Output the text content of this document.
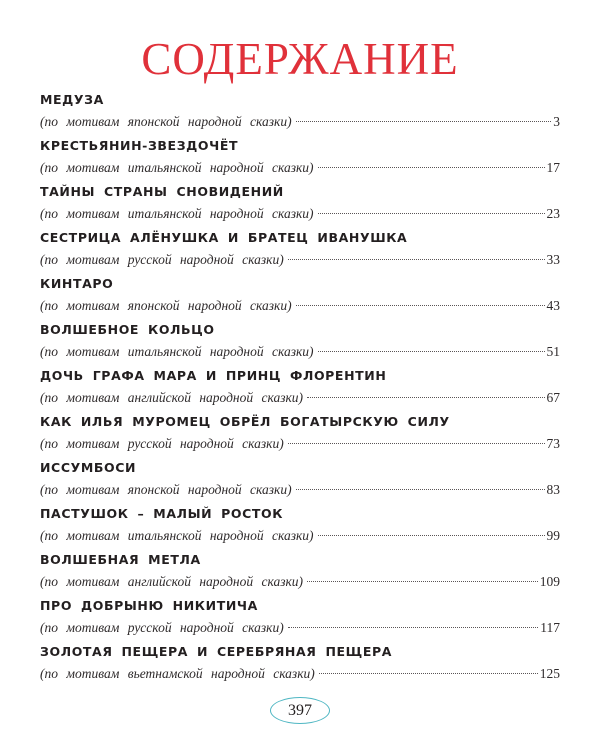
СОДЕРЖАНИЕ
МЕДУЗА
(по мотивам японской народной сказки)	3
КРЕСТЬЯНИН-ЗВЕЗДОЧЁТ
(по мотивам итальянской народной сказки)	17
ТАЙНЫ СТРАНЫ СНОВИДЕНИЙ
(по мотивам итальянской народной сказки)	23
СЕСТРИЦА АЛЁНУШКА И БРАТЕЦ ИВАНУШКА
(по мотивам русской народной сказки)	33
КИНТАРО
(по мотивам японской народной сказки)	43
ВОЛШЕБНОЕ КОЛЬЦО
(по мотивам итальянской народной сказки)	51
ДОЧЬ ГРАФА МАРА И ПРИНЦ ФЛОРЕНТИН
(по мотивам английской народной сказки)	67
КАК ИЛЬЯ МУРОМЕЦ ОБРЁЛ БОГАТЫРСКУЮ СИЛУ
(по мотивам русской народной сказки)	73
ИССУМБОСИ
(по мотивам японской народной сказки)	83
ПАСТУШОК – МАЛЫЙ РОСТОК
(по мотивам итальянской народной сказки)	99
ВОЛШЕБНАЯ МЕТЛА
(по мотивам английской народной сказки)	109
ПРО ДОБРЫНЮ НИКИТИЧА
(по мотивам русской народной сказки)	117
ЗОЛОТАЯ ПЕЩЕРА И СЕРЕБРЯНАЯ ПЕЩЕРА
(по мотивам вьетнамской народной сказки)	125
397
